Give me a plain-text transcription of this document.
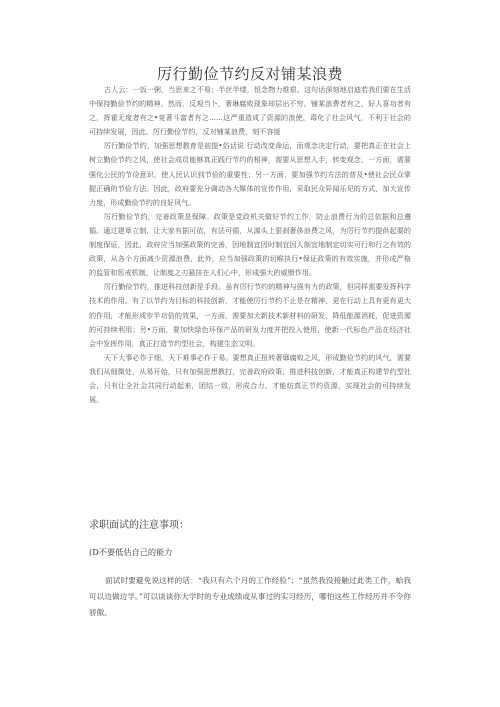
厉行勤俭节约反对铺某浪费

古人云：一饭一粥，当思来之不易；半丝半缕，恒念物力维艰。这句话深刻地启迪若我们要在生活中保持勤俭节约的精神。然而，反观当卜，奢琳腐败现象却层出不穷。铺某浪费者有之，好人喜功者有之，挥霍无度者有之•竞著斗富者有之……这严重造成了资源的浪使，毒化了社会风气，不利于社会的可持续发展，因此，厉行勤俭节约，反对铺某浪费，刻不容缓

厉行勤俭节约，加强思想教育是前提•俗话说 行动改变命运，而观念决定行动，要把真正在社会上树立勤俭节约之风，使社会成员能够真正践行节约的相神，需要从思想入手，转变观念，一方面，需要强化公民的节俭意识，使人民认识到节俭的重要性；另一方面，要加强节约方法的普及•使社会民众掌握正确的节俭方法。因此，政府要充分调动各大媒体的宣传作用，采取民众异闻乐见的方式，加大宣传力度，形成勤俭节约的良好风气。

厉行勤俭节约，完善政策是保障。政策是党政机关做好节约工作，防止浪费行为的总依据和总遵循。通过建章立制，让大家有据可依，有法可循，从源头上狠刹奢侈浪费之风，为厉行节约提供起要的制度保证，因此，政府应当加强政策的完善，因地制宜因时制宜因人制宜地制定切实可行和行之有效的政策，从各个方面减少资源浪费，此外，应当加强政策的切喉执行•保证政策的有效实施，并形成严格的监管和惩戒机制，让制度之刃悬挂在人们心中，形成强大的威慑作用。

厉行勤俭节约，推进科技创新是手段。虽有厉行节约的精神与强有力的政策，但同样需要发挥科学技术的作用。有了以节约为目标的科技创新，才能使厉行节约不止是在精神，更在行动上具有更有更大的作用，才能形成步半功倍的效果，一方面，需要加大新技术新材料的研发，降低能源消耗，促进资源的可持续利用；另•方面，要加快绿色环保产品的研发力度并把投入使用，使新一代标色产品在经济社会中发挥作用，真正打造节约型社会，构建生态文明。

天下大事必作于细，天下难事必作于易。要想真正扭转奢靡腐败之风，形成勤俭节约的风气，需要我们从细微处，从易开始，只有加强思想教打，完善政府政策，推进科技创新，才能真正构建节约型社会，只有让全社会共同行动起来，团结一致，形成合力，才能纺真正节约资源，实现社会的可持续发展。

求职面试的注意事项：
(D不要低估自己的能力

面试时要避免说这样的话：“我只有六个月的工作经验”；“虽然我没接触过此类工作，蛤我可以边做边学。”可以谈谈你大学时的专业成绩或从事过的实习经历，哪怕这些工作经历并不令你骄傲。
